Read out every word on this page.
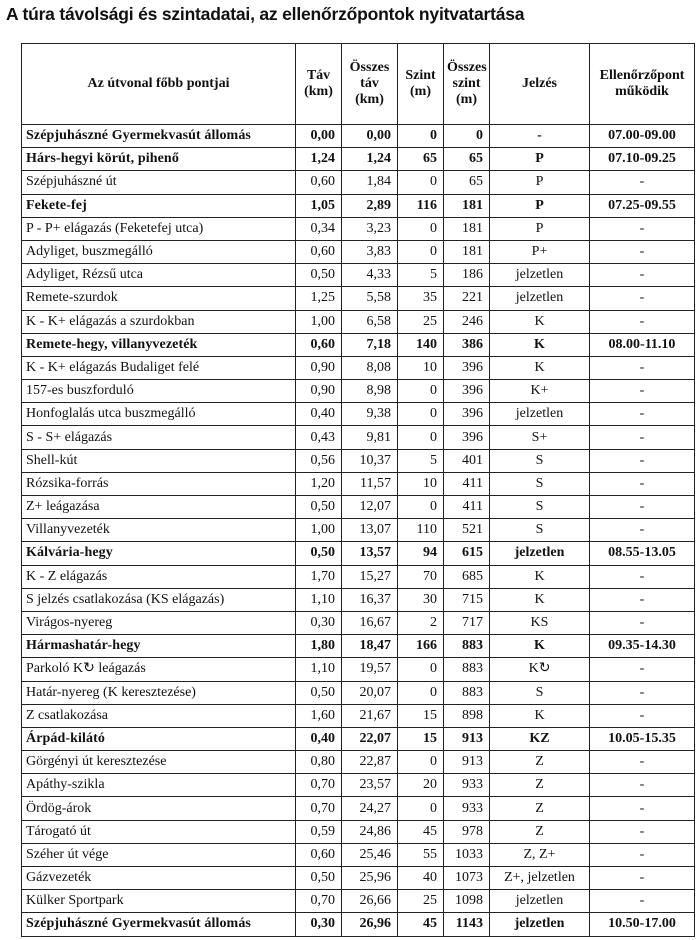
A túra távolsági és szintadatai, az ellenőrzőpontok nyitvatartása
Az útvonal főbb pontjai	Táv (km)	Összes táv (km)	Szint (m)	Összes szint (m)	Jelzés	Ellenőrzőpont működik
Szépjuhászné Gyermekvasút állomás	0,00	0,00	0	0	-	07.00-09.00
Hárs-hegyi körút, pihenő	1,24	1,24	65	65	P	07.10-09.25
Szépjuhászné út	0,60	1,84	0	65	P	-
Fekete-fej	1,05	2,89	116	181	P	07.25-09.55
P - P+ elágazás (Feketefej utca)	0,34	3,23	0	181	P	-
Adyliget, buszmegálló	0,60	3,83	0	181	P+	-
Adyliget, Rézsű utca	0,50	4,33	5	186	jelzetlen	-
Remete-szurdok	1,25	5,58	35	221	jelzetlen	-
K - K+ elágazás a szurdokban	1,00	6,58	25	246	K	-
Remete-hegy, villanyvezeték	0,60	7,18	140	386	K	08.00-11.10
K - K+ elágazás Budaliget felé	0,90	8,08	10	396	K	-
157-es buszforduló	0,90	8,98	0	396	K+	-
Honfoglalás utca buszmegálló	0,40	9,38	0	396	jelzetlen	-
S - S+ elágazás	0,43	9,81	0	396	S+	-
Shell-kút	0,56	10,37	5	401	S	-
Rózsika-forrás	1,20	11,57	10	411	S	-
Z+ leágazása	0,50	12,07	0	411	S	-
Villanyvezeték	1,00	13,07	110	521	S	-
Kálvária-hegy	0,50	13,57	94	615	jelzetlen	08.55-13.05
K - Z elágazás	1,70	15,27	70	685	K	-
S jelzés csatlakozása (KS elágazás)	1,10	16,37	30	715	K	-
Virágos-nyereg	0,30	16,67	2	717	KS	-
Hármashatár-hegy	1,80	18,47	166	883	K	09.35-14.30
Parkoló K↻ leágazás	1,10	19,57	0	883	K↻	-
Határ-nyereg (K keresztezése)	0,50	20,07	0	883	S	-
Z csatlakozása	1,60	21,67	15	898	K	-
Árpád-kilátó	0,40	22,07	15	913	KZ	10.05-15.35
Görgényi út keresztezése	0,80	22,87	0	913	Z	-
Apáthy-szikla	0,70	23,57	20	933	Z	-
Ördög-árok	0,70	24,27	0	933	Z	-
Tárogató út	0,59	24,86	45	978	Z	-
Széher út vége	0,60	25,46	55	1033	Z, Z+	-
Gázvezeték	0,50	25,96	40	1073	Z+, jelzetlen	-
Külker Sportpark	0,70	26,66	25	1098	jelzetlen	-
Szépjuhászné Gyermekvasút állomás	0,30	26,96	45	1143	jelzetlen	10.50-17.00
